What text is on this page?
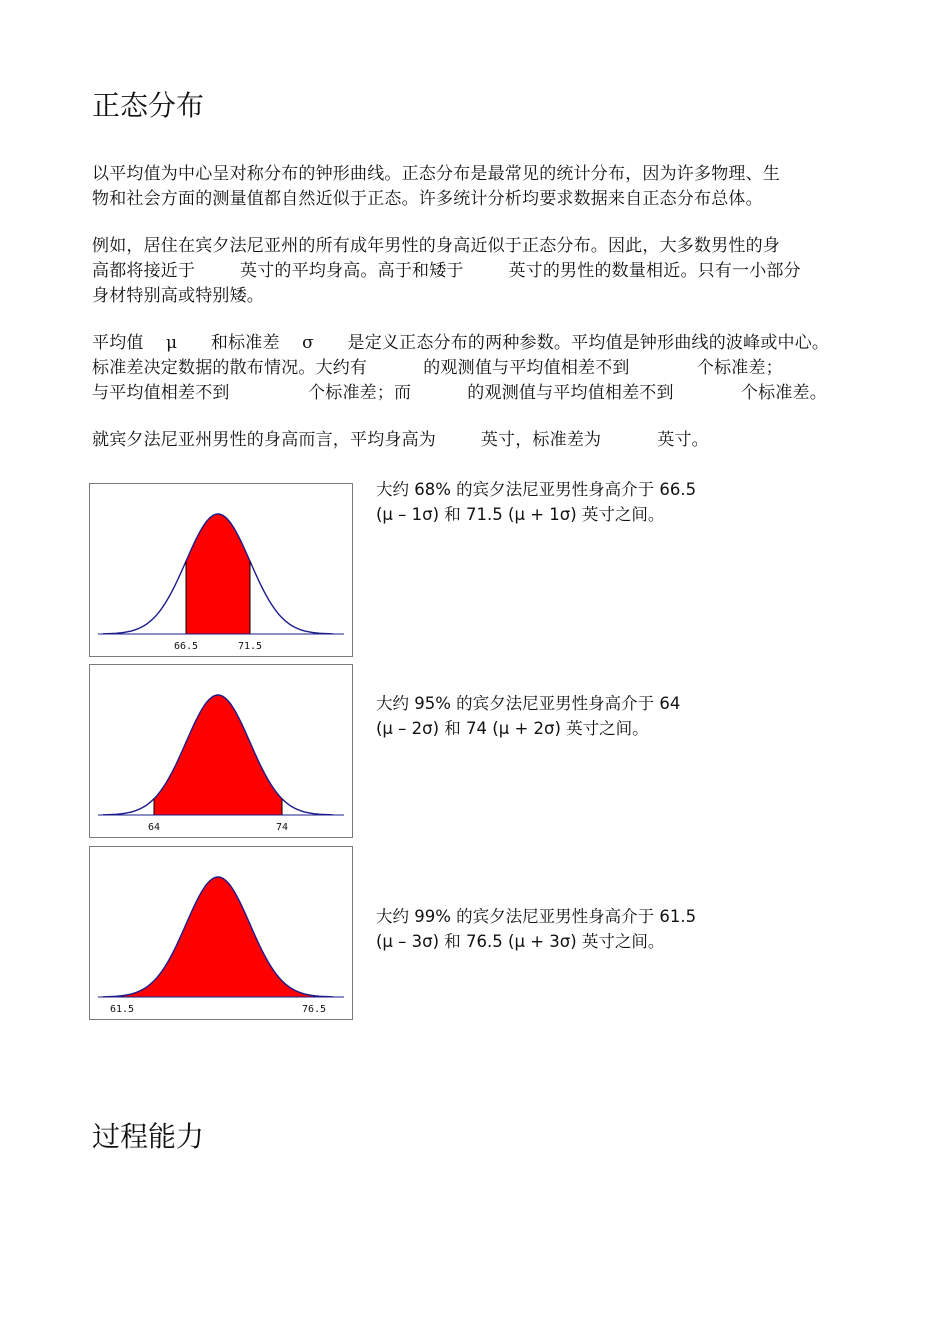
正态分布
以平均值为中心呈对称分布的钟形曲线。正态分布是最常见的统计分布，因为许多物理、生
物和社会方面的测量值都自然近似于正态。许多统计分析均要求数据来自正态分布总体。
例如，居住在宾夕法尼亚州的所有成年男性的身高近似于正态分布。因此，大多数男性的身
高都将接近于        英寸的平均身高。高于和矮于        英寸的男性的数量相近。只有一小部分
身材特别高或特别矮。
平均值    μ      和标准差    σ      是定义正态分布的两种参数。平均值是钟形曲线的波峰或中心。
标准差决定数据的散布情况。大约有          的观测值与平均值相差不到            个标准差；
与平均值相差不到              个标准差；而          的观测值与平均值相差不到            个标准差。
就宾夕法尼亚州男性的身高而言，平均身高为        英寸，标准差为          英寸。
66.5	71.5
大约 68% 的宾夕法尼亚男性身高介于 66.5
(μ – 1σ) 和 71.5 (μ + 1σ) 英寸之间。
64	74
大约 95% 的宾夕法尼亚男性身高介于 64
(μ – 2σ) 和 74 (μ + 2σ) 英寸之间。
61.5	76.5
大约 99% 的宾夕法尼亚男性身高介于 61.5
(μ – 3σ) 和 76.5 (μ + 3σ) 英寸之间。
过程能力
